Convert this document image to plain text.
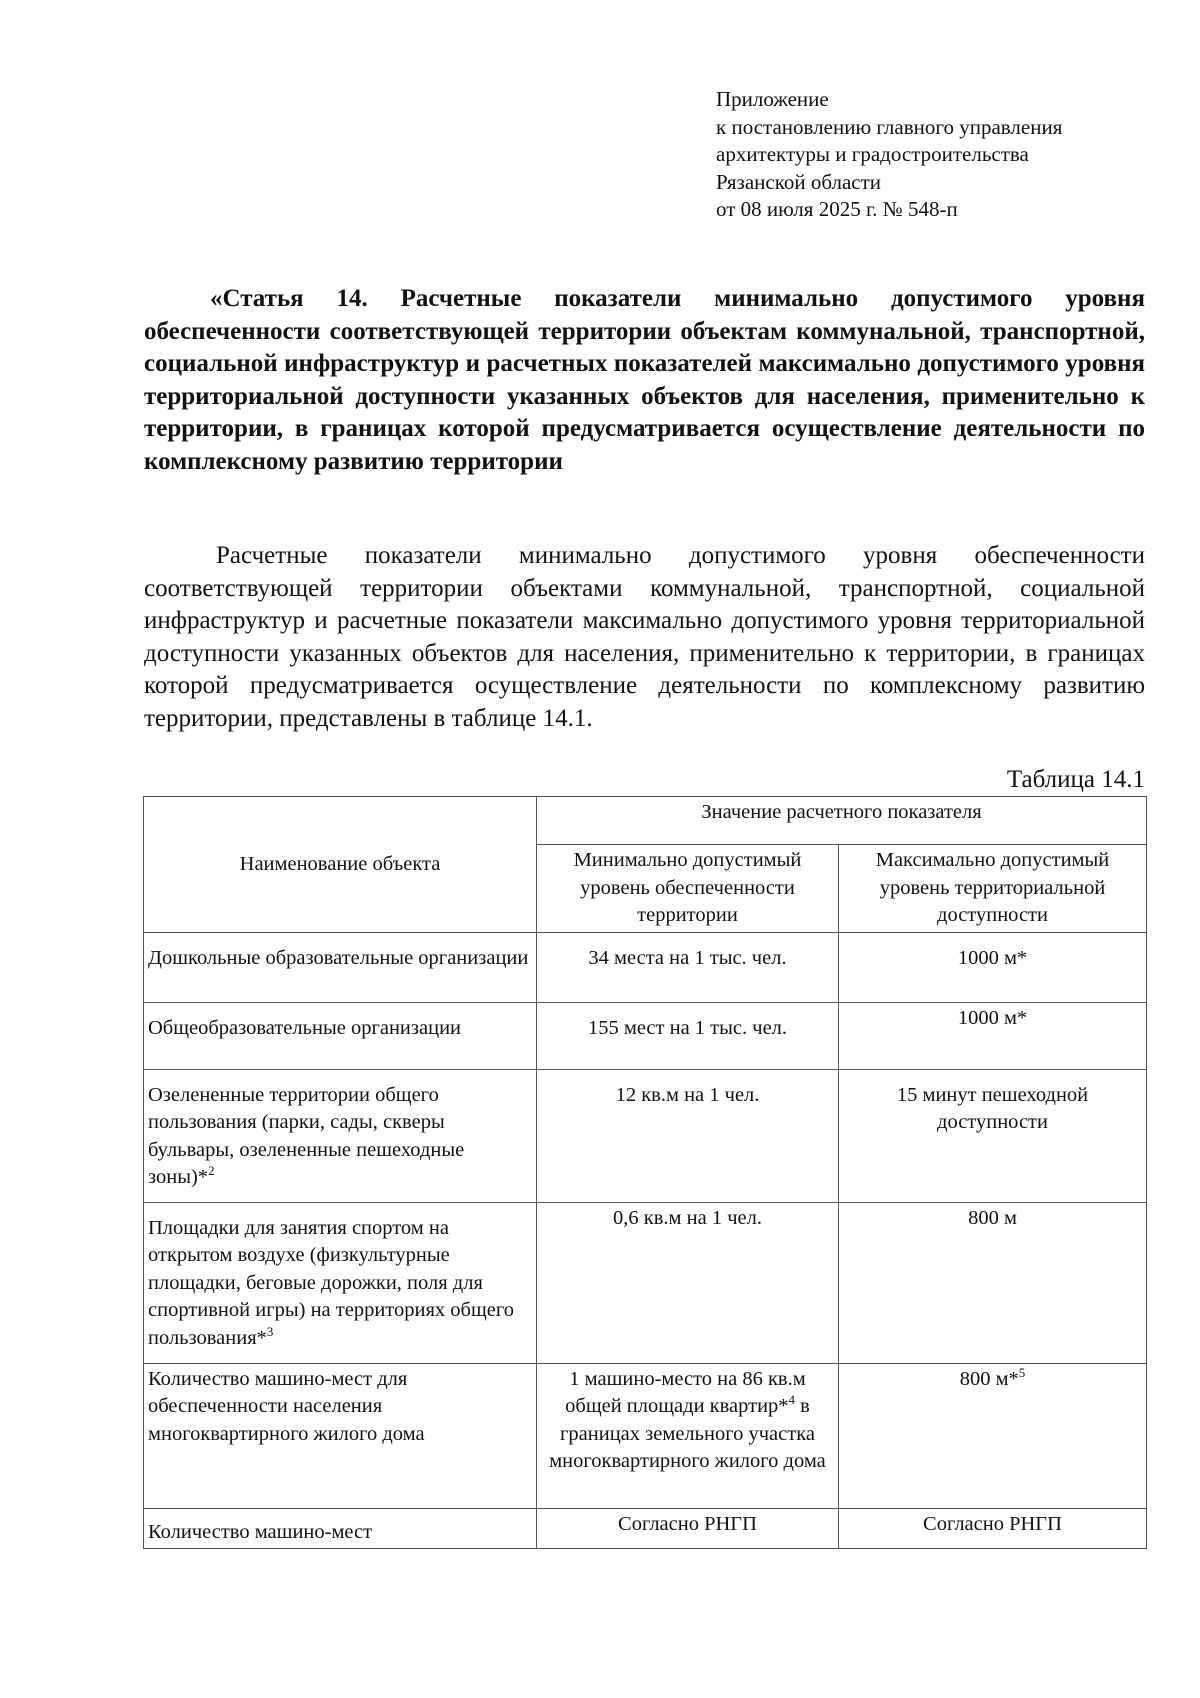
Приложение
к постановлению главного управления
архитектуры и градостроительства
Рязанской области
от 08 июля 2025 г. № 548-п
«Статья 14. Расчетные показатели минимально допустимого уровня обеспеченности соответствующей территории объектам коммунальной, транспортной, социальной инфраструктур и расчетных показателей максимально допустимого уровня территориальной доступности указанных объектов для населения, применительно к территории, в границах которой предусматривается осуществление деятельности по комплексному развитию территории
Расчетные показатели минимально допустимого уровня обеспеченности соответствующей территории объектами коммунальной, транспортной, социальной инфраструктур и расчетные показатели максимально допустимого уровня территориальной доступности указанных объектов для населения, применительно к территории, в границах которой предусматривается осуществление деятельности по комплексному развитию территории, представлены в таблице 14.1.
Таблица 14.1
Наименование объекта	Значение расчетного показателя	
	Минимально допустимый уровень обеспеченности территории	Максимально допустимый уровень территориальной доступности

Дошкольные образовательные организации	34 места на 1 тыс. чел.	1000 м*

Общеобразовательные организации	155 мест на 1 тыс. чел.	1000 м*

Озелененные территории общего пользования (парки, сады, скверы бульвары, озелененные пешеходные зоны)*$^2$	12 кв.м на 1 чел.	15 минут пешеходной доступности

Площадки для занятия спортом на открытом воздухе (физкультурные площадки, беговые дорожки, поля для спортивной игры) на территориях общего пользования*$^3$	0,6 кв.м на 1 чел.	800 м

Количество машино-мест для обеспеченности населения многоквартирного жилого дома	1 машино-место на 86 кв.м общей площади квартир*$^4$ в границах земельного участка многоквартирного жилого дома	800 м*$^5$

Количество машино-мест	Согласно РНГП	Согласно РНГП
